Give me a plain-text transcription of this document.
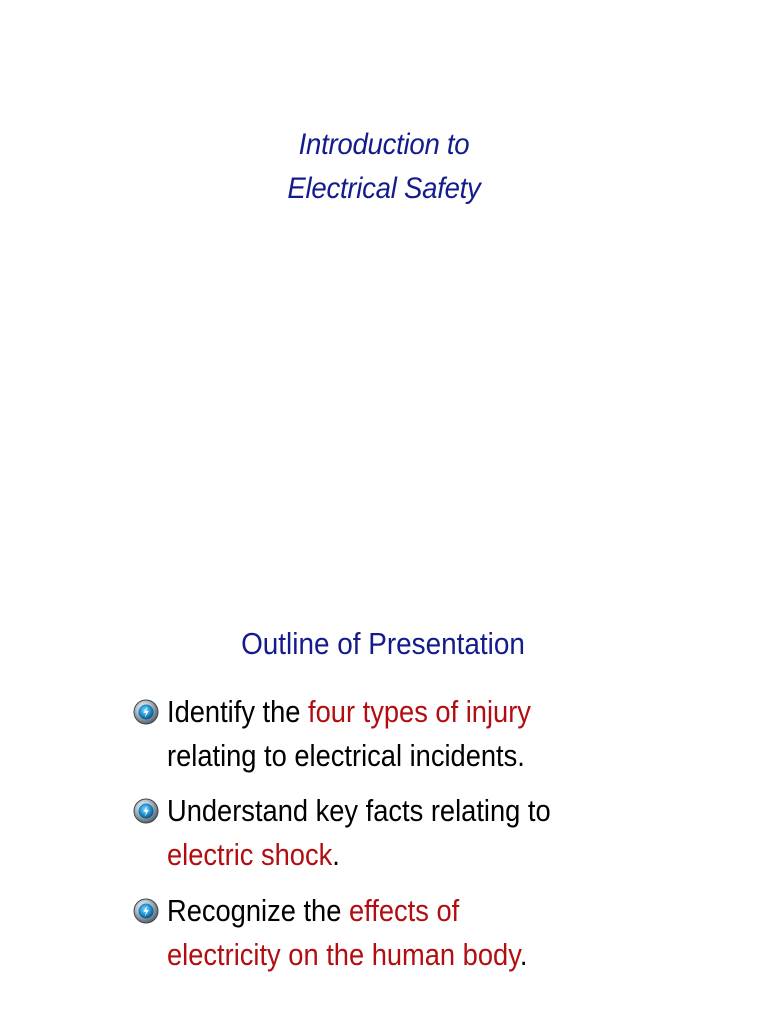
Introduction to
Electrical Safety
Outline of Presentation
Identify the four types of injury
relating to electrical incidents.
Understand key facts relating to
electric shock.
Recognize the effects of
electricity on the human body.
